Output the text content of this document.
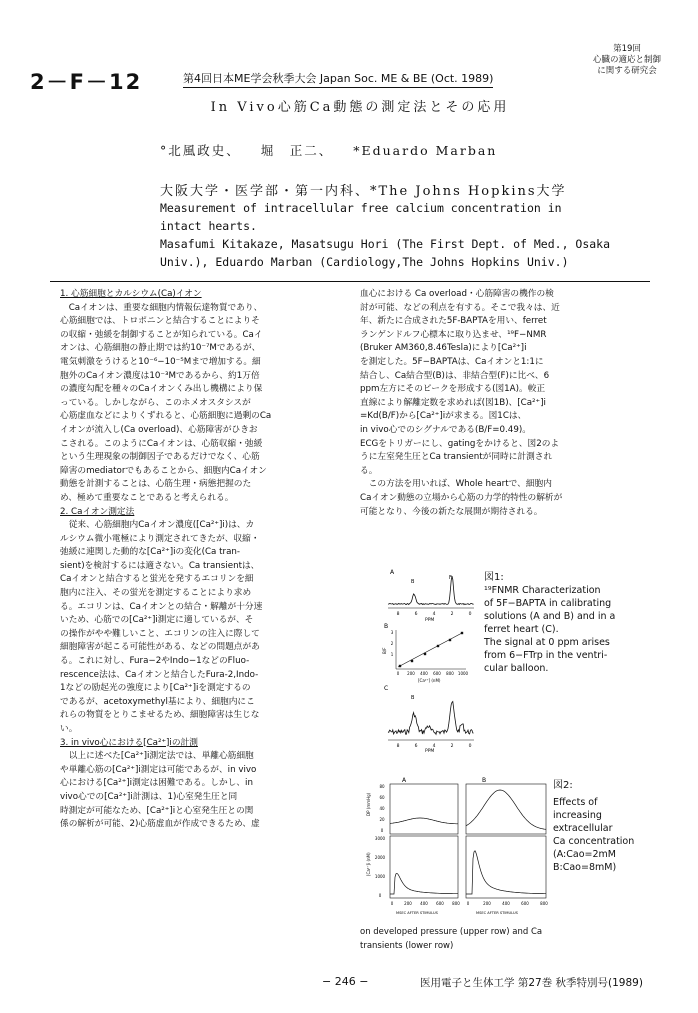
2－F－12	第4回日本ME学会秋季大会 Japan Soc. ME & BE (Oct. 1989)
第19回
心臓の適応と制御
に関する研究会
In Vivo心筋Ca動態の測定法とその応用
°北風政史、 堀　正二、 *Eduardo Marban
大阪大学・医学部・第一内科、*The Johns Hopkins大学
Measurement of intracellular free calcium concentration in
intact hearts.
Masafumi Kitakaze, Masatsugu Hori (The First Dept. of Med., Osaka
Univ.), Eduardo Marban (Cardiology,The Johns Hopkins Univ.)

1. 心筋細胞とカルシウム(Ca)イオン

　Caイオンは、重要な細胞内情報伝達物質であり、

心筋細胞では、トロポニンと結合することによりそ

の収縮・弛緩を制御することが知られている。Caイ

オンは、心筋細胞の静止期では約10⁻⁷Mであるが、

電気刺激をうけると10⁻⁶−10⁻⁵Mまで増加する。細

胞外のCaイオン濃度は10⁻³Mであるから、約1万倍

の濃度勾配を種々のCaイオンくみ出し機構により保

っている。しかしながら、このホメオスタシスが

心筋虚血などによりくずれると、心筋細胞に過剰のCa

イオンが流入し(Ca overload)、心筋障害がひきお

こされる。このようにCaイオンは、心筋収縮・弛緩

という生理現象の制御因子であるだけでなく、心筋

障害のmediatorでもあることから、細胞内Caイオン

動態を計測することは、心筋生理・病態把握のた

め、極めて重要なことであると考えられる。

2. Caイオン測定法

　従来、心筋細胞内Caイオン濃度([Ca²⁺]i)は、カ

ルシウム微小電極により測定されてきたが、収縮・

弛緩に連関した動的な[Ca²⁺]iの変化(Ca tran-

sient)を検討するには適さない。Ca transientは、

Caイオンと結合すると蛍光を発するエコリンを細

胞内に注入、その蛍光を測定することにより求め

る。エコリンは、Caイオンとの結合・解離が十分速

いため、心筋での[Ca²⁺]i測定に適しているが、そ

の操作がやや難しいこと、エコリンの注入に際して

細胞障害が起こる可能性がある、などの問題点があ

る。これに対し、Fura−2やIndo−1などのFluo-

rescence法は、Caイオンと結合したFura-2,Indo-

1などの励起光の強度により[Ca²⁺]iを測定するの

であるが、acetoxymethyl基により、細胞内にこ

れらの物質をとりこませるため、細胞障害は生じな

い。

3. in vivo心における[Ca²⁺]iの計測

　以上に述べた[Ca²⁺]i測定法では、単離心筋細胞

や単離心筋の[Ca²⁺]i測定は可能であるが、in vivo

心における[Ca²⁺]i測定は困難である。しかし、in

vivo心での[Ca²⁺]i計測は、1)心室発生圧と同

時測定が可能なため、[Ca²⁺]iと心室発生圧との関

係の解析が可能、2)心筋虚血が作成できるため、虚

血心における Ca overload・心筋障害の機作の検

討が可能、などの利点を有する。そこで我々は、近

年、新たに合成された5F-BAPTAを用い、ferret

ランゲンドルフ心標本に取り込ませ、¹⁹F−NMR

(Bruker AM360,8.46Tesla)により[Ca²⁺]i

を測定した。5F−BAPTAは、Caイオンと1:1に

結合し、Ca結合型(B)は、非結合型(F)に比べ、6

ppm左方にそのピークを形成する(図1A)。較正

直線により解離定数を求めれば(図1B)、[Ca²⁺]i

=Kd(B/F)から[Ca²⁺]iが求まる。図1Cは、

in vivo心でのシグナルである(B/F=0.49)。

ECGをトリガーにし、gatingをかけると、図2のよ

うに左室発生圧とCa transientが同時に計測され

る。

　この方法を用いれば、Whole heartで、細胞内

Caイオン動態の立場から心筋の力学的特性の解析が

可能となり、今後の新たな展開が期待される。

A
B
F
8	6	4	2	0
PPM
B
B/F
1
2
3
0 200 400 600 800 1000
[Ca²⁺] (nM)
C
B
8	6	4	2	0
PPM
図1:
¹⁹FNMR Characterization
of 5F−BAPTA in calibrating
solutions (A and B) and in a
ferret heart (C).
The signal at 0 ppm arises
from 6−FTrp in the ventri-
cular balloon.
A	B
80
60
40
20
0
3000
2000
1000
0
DP (mmHg)
[Ca²⁺]i (nM)
0	200 400 600 800 0	200	400	600	800
MSEC AFTER STIMULUS	MSEC AFTER STIMULUS
図2:
Effects of
increasing
extracellular
Ca concentration
(A:Cao=2mM
B:Cao=8mM)
on developed pressure (upper row) and Ca
transients (lower row)
− 246 −	医用電子と生体工学 第27巻 秋季特別号(1989)
